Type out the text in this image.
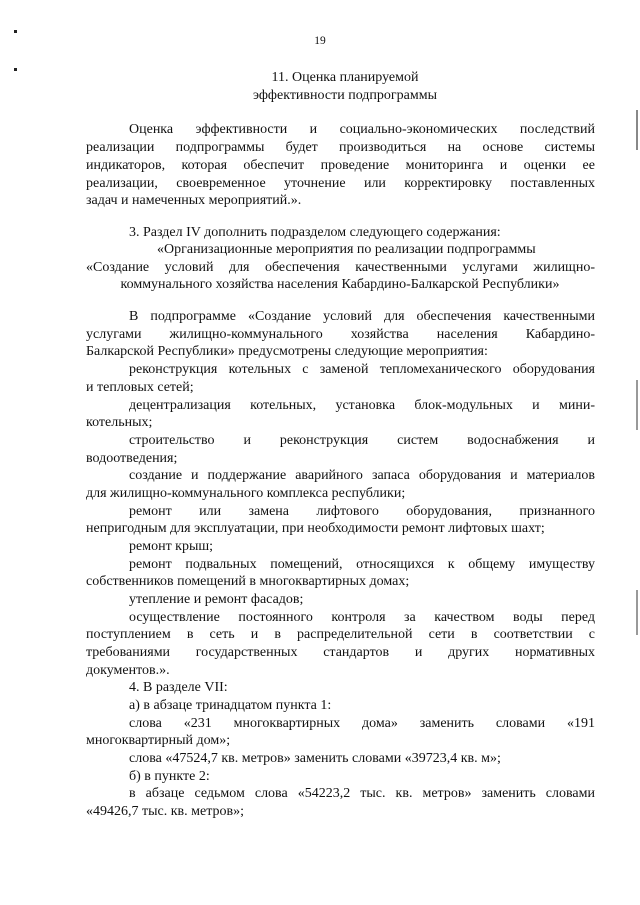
19
11. Оценка планируемой
эффективности подпрограммы
Оценка эффективности и социально-экономических последствий
реализации подпрограммы будет производиться на основе системы
индикаторов, которая обеспечит проведение мониторинга и оценки ее
реализации, своевременное уточнение или корректировку поставленных
задач и намеченных мероприятий.».
3. Раздел IV дополнить подразделом следующего содержания:
«Организационные мероприятия по реализации подпрограммы
«Создание условий для обеспечения качественными услугами жилищно-
коммунального хозяйства населения Кабардино-Балкарской Республики»
В подпрограмме «Создание условий для обеспечения качественными
услугами жилищно-коммунального хозяйства населения Кабардино-
Балкарской Республики» предусмотрены следующие мероприятия:
реконструкция котельных с заменой тепломеханического оборудования
и тепловых сетей;
децентрализация котельных, установка блок-модульных и мини-
котельных;
строительство и реконструкция систем водоснабжения и
водоотведения;
создание и поддержание аварийного запаса оборудования и материалов
для жилищно-коммунального комплекса республики;
ремонт или замена лифтового оборудования, признанного
непригодным для эксплуатации, при необходимости ремонт лифтовых шахт;
ремонт крыш;
ремонт подвальных помещений, относящихся к общему имуществу
собственников помещений в многоквартирных домах;
утепление и ремонт фасадов;
осуществление постоянного контроля за качеством воды перед
поступлением в сеть и в распределительной сети в соответствии с
требованиями государственных стандартов и других нормативных
документов.».
4. В разделе VII:
а) в абзаце тринадцатом пункта 1:
слова «231 многоквартирных дома» заменить словами «191
многоквартирный дом»;
слова «47524,7 кв. метров» заменить словами «39723,4 кв. м»;
б) в пункте 2:
в абзаце седьмом слова «54223,2 тыс. кв. метров» заменить словами
«49426,7 тыс. кв. метров»;
